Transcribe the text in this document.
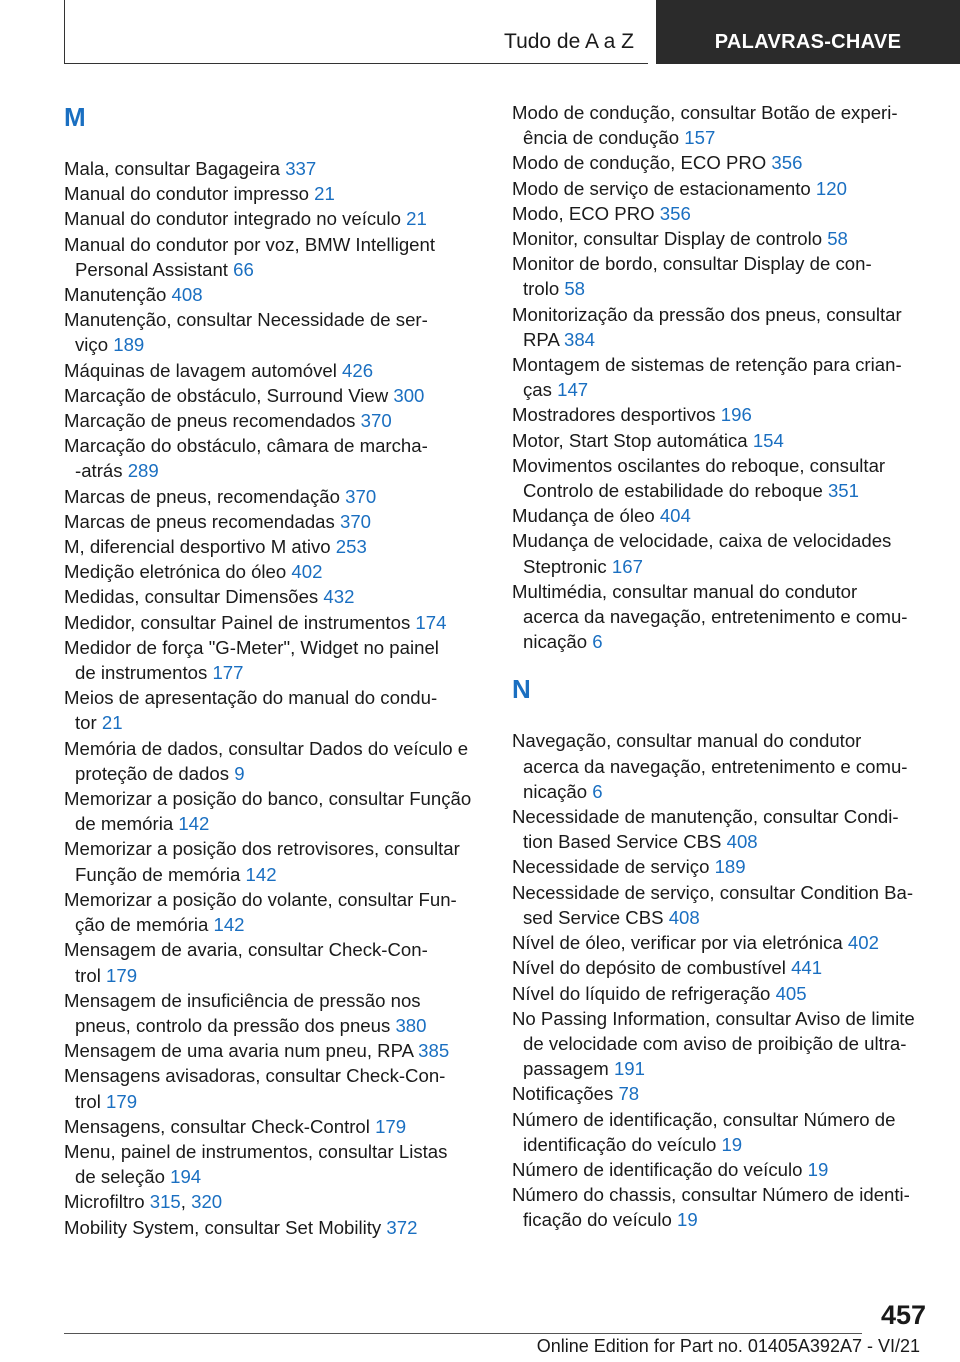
Tudo de A a Z	PALAVRAS-CHAVE
M
Mala, consultar Bagageira 337
Manual do condutor impresso 21
Manual do condutor integrado no veículo 21
Manual do condutor por voz, BMW Intelligent
Personal Assistant 66
Manutenção 408
Manutenção, consultar Necessidade de ser-
viço 189
Máquinas de lavagem automóvel 426
Marcação de obstáculo, Surround View 300
Marcação de pneus recomendados 370
Marcação do obstáculo, câmara de marcha-
-atrás 289
Marcas de pneus, recomendação 370
Marcas de pneus recomendadas 370
M, diferencial desportivo M ativo 253
Medição eletrónica do óleo 402
Medidas, consultar Dimensões 432
Medidor, consultar Painel de instrumentos 174
Medidor de força "G-Meter", Widget no painel
de instrumentos 177
Meios de apresentação do manual do condu-
tor 21
Memória de dados, consultar Dados do veículo e
proteção de dados 9
Memorizar a posição do banco, consultar Função
de memória 142
Memorizar a posição dos retrovisores, consultar
Função de memória 142
Memorizar a posição do volante, consultar Fun-
ção de memória 142
Mensagem de avaria, consultar Check-Con-
trol 179
Mensagem de insuficiência de pressão nos
pneus, controlo da pressão dos pneus 380
Mensagem de uma avaria num pneu, RPA 385
Mensagens avisadoras, consultar Check-Con-
trol 179
Mensagens, consultar Check-Control 179
Menu, painel de instrumentos, consultar Listas
de seleção 194
Microfiltro 315, 320
Mobility System, consultar Set Mobility 372
Modo de condução, consultar Botão de experi-
ência de condução 157
Modo de condução, ECO PRO 356
Modo de serviço de estacionamento 120
Modo, ECO PRO 356
Monitor, consultar Display de controlo 58
Monitor de bordo, consultar Display de con-
trolo 58
Monitorização da pressão dos pneus, consultar
RPA 384
Montagem de sistemas de retenção para crian-
ças 147
Mostradores desportivos 196
Motor, Start Stop automática 154
Movimentos oscilantes do reboque, consultar
Controlo de estabilidade do reboque 351
Mudança de óleo 404
Mudança de velocidade, caixa de velocidades
Steptronic 167
Multimédia, consultar manual do condutor
acerca da navegação, entretenimento e comu-
nicação 6
N
Navegação, consultar manual do condutor
acerca da navegação, entretenimento e comu-
nicação 6
Necessidade de manutenção, consultar Condi-
tion Based Service CBS 408
Necessidade de serviço 189
Necessidade de serviço, consultar Condition Ba-
sed Service CBS 408
Nível de óleo, verificar por via eletrónica 402
Nível do depósito de combustível 441
Nível do líquido de refrigeração 405
No Passing Information, consultar Aviso de limite
de velocidade com aviso de proibição de ultra-
passagem 191
Notificações 78
Número de identificação, consultar Número de
identificação do veículo 19
Número de identificação do veículo 19
Número do chassis, consultar Número de identi-
ficação do veículo 19
457
Online Edition for Part no. 01405A392A7 - VI/21
